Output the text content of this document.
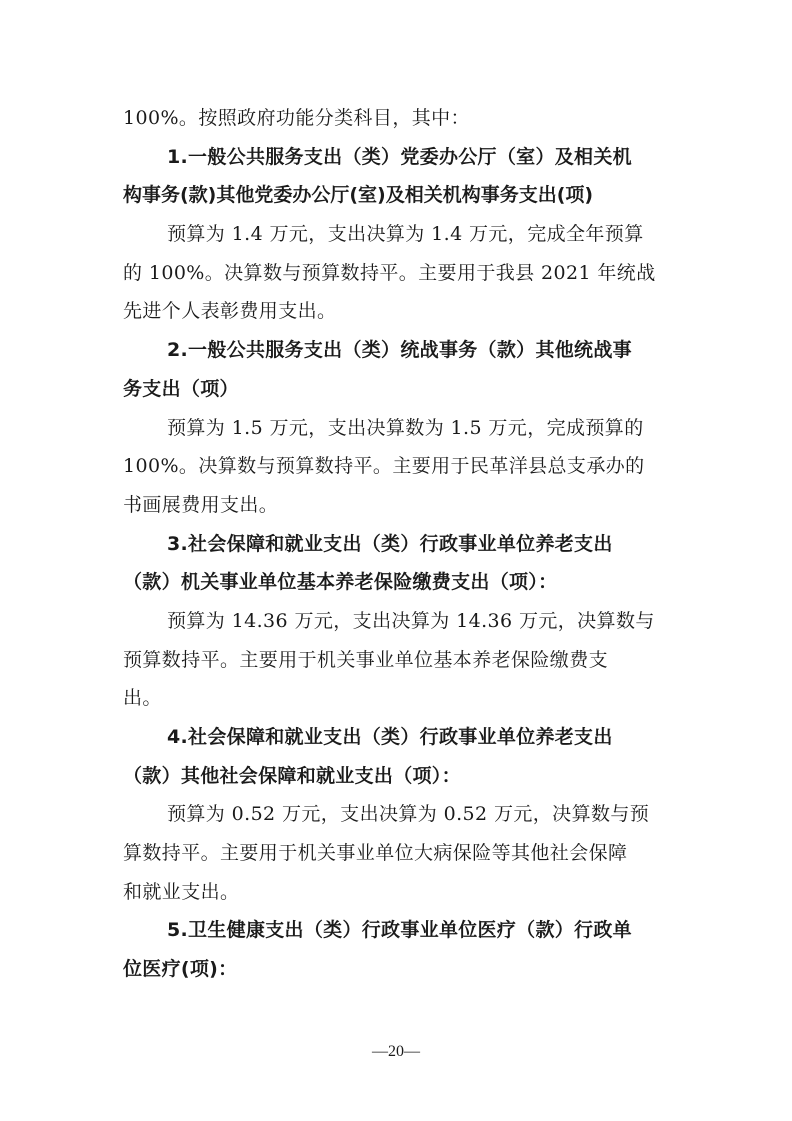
100%。按照政府功能分类科目，其中：
1.一般公共服务支出（类）党委办公厅（室）及相关机
构事务(款)其他党委办公厅(室)及相关机构事务支出(项)
预算为 1.4 万元，支出决算为 1.4 万元，完成全年预算
的 100%。决算数与预算数持平。主要用于我县 2021 年统战
先进个人表彰费用支出。
2.一般公共服务支出（类）统战事务（款）其他统战事
务支出（项）
预算为 1.5 万元，支出决算数为 1.5 万元，完成预算的
100%。决算数与预算数持平。主要用于民革洋县总支承办的
书画展费用支出。
3.社会保障和就业支出（类）行政事业单位养老支出
（款）机关事业单位基本养老保险缴费支出（项）：
预算为 14.36 万元，支出决算为 14.36 万元，决算数与
预算数持平。主要用于机关事业单位基本养老保险缴费支
出。
4.社会保障和就业支出（类）行政事业单位养老支出
（款）其他社会保障和就业支出（项）：
预算为 0.52 万元，支出决算为 0.52 万元，决算数与预
算数持平。主要用于机关事业单位大病保险等其他社会保障
和就业支出。
5.卫生健康支出（类）行政事业单位医疗（款）行政单
位医疗(项)：
—20—
